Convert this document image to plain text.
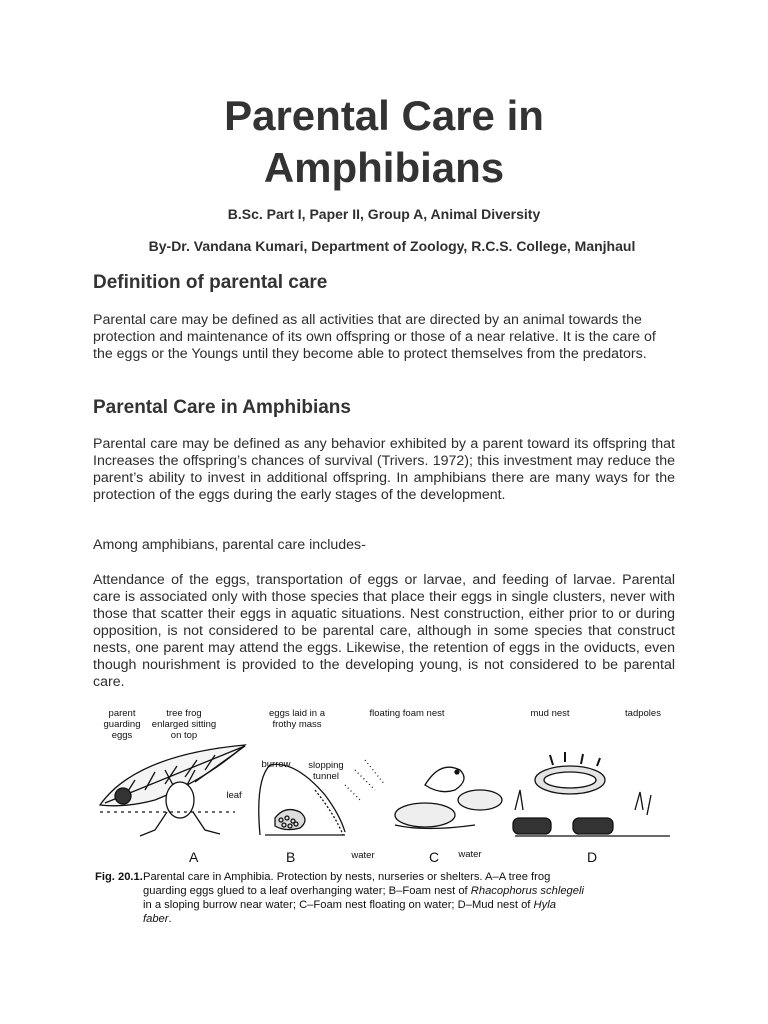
Parental Care in
Amphibians
B.Sc. Part I, Paper II, Group A, Animal Diversity
By-Dr. Vandana Kumari, Department of Zoology, R.C.S. College, Manjhaul
Definition of parental care

Parental care may be defined as all activities that are directed by an animal towards the protection and maintenance of its own offspring or those of a near relative. It is the care of the eggs or the Youngs until they become able to protect themselves from the predators.

Parental Care in Amphibians

Parental care may be defined as any behavior exhibited by a parent toward its offspring that Increases the offspring’s chances of survival (Trivers. 1972); this investment may reduce the parent’s ability to invest in additional offspring. In amphibians there are many ways for the protection of the eggs during the early stages of the development.

Among amphibians, parental care includes-

Attendance of the eggs, transportation of eggs or larvae, and feeding of larvae. Parental care is associated only with those species that place their eggs in single clusters, never with those that scatter their eggs in aquatic situations. Nest construction, either prior to or during opposition, is not considered to be parental care, although in some species that construct nests, one parent may attend the eggs. Likewise, the retention of eggs in the oviducts, even though nourishment is provided to the developing young, is not considered to be parental care.

parent guarding eggs
tree frog enlarged sitting on top
eggs laid in a frothy mass
floating foam nest	mud nest	tadpoles
burrow	slopping tunnel
leaf
water	water
A	B	C	D
Fig. 20.1.Parental care in Amphibia. Protection by nests, nurseries or shelters. A–A tree frog
guarding eggs glued to a leaf overhanging water; B–Foam nest of Rhacophorus schlegeli
in a sloping burrow near water; C–Foam nest floating on water; D–Mud nest of Hyla
faber.
